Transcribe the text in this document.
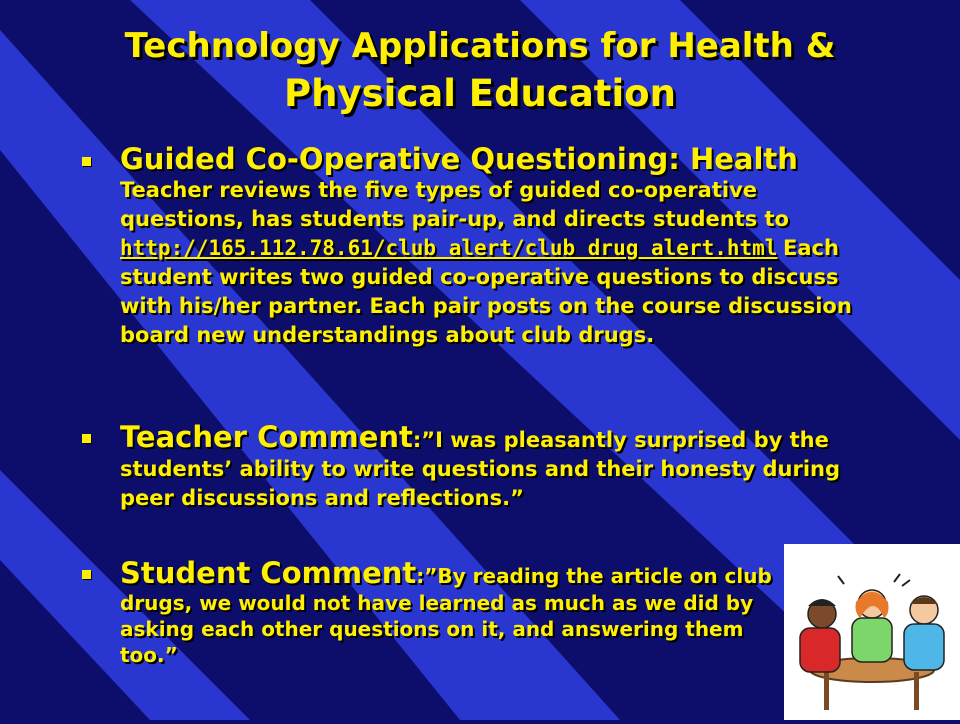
Technology Applications for Health &
Physical Education
Guided Co-Operative Questioning: Health Teacher reviews the five types of guided co-operative questions, has students pair-up, and directs students to http://165.112.78.61/club alert/club drug alert.html Each student writes two guided co-operative questions to discuss with his/her partner. Each pair posts on the course discussion board new understandings about club drugs.
Teacher Comment:”I was pleasantly surprised by the students’ ability to write questions and their honesty during peer discussions and reflections.”
Student Comment:”By reading the article on club drugs, we would not have learned as much as we did by asking each other questions on it, and answering them too.”
